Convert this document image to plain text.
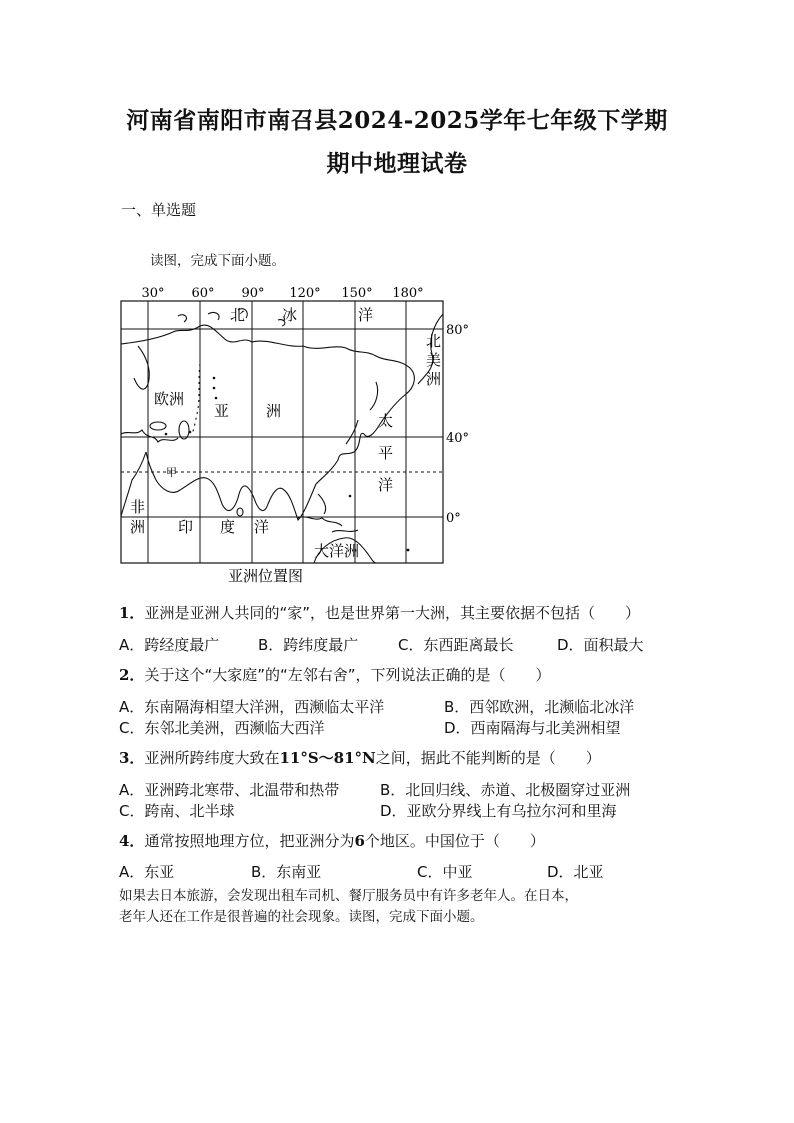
河南省南阳市南召县2024-2025学年七年级下学期
期中地理试卷
一、单选题
读图，完成下面小题。
30° 60° 90° 120° 150° 180°
80°
40°
0°
北 冰	洋
北
美
洲
欧洲
亚 洲
太
平
洋
甲
非
洲 印 度 洋
大洋洲
亚洲位置图
1．亚洲是亚洲人共同的“家”，也是世界第一大洲，其主要依据不包括（　　）
A．跨经度最广	B．跨纬度最广	C．东西距离最长	D．面积最大
2．关于这个“大家庭”的“左邻右舍”，下列说法正确的是（　　）
A．东南隔海相望大洋洲，西濒临太平洋	B．西邻欧洲，北濒临北冰洋
C．东邻北美洲，西濒临大西洋	D．西南隔海与北美洲相望
3．亚洲所跨纬度大致在11°S～81°N之间，据此不能判断的是（　　）
A．亚洲跨北寒带、北温带和热带	B．北回归线、赤道、北极圈穿过亚洲
C．跨南、北半球	D．亚欧分界线上有乌拉尔河和里海
4．通常按照地理方位，把亚洲分为6个地区。中国位于（　　）
A．东亚	B．东南亚	C．中亚	D．北亚
如果去日本旅游，会发现出租车司机、餐厅服务员中有许多老年人。在日本，
老年人还在工作是很普遍的社会现象。读图，完成下面小题。
